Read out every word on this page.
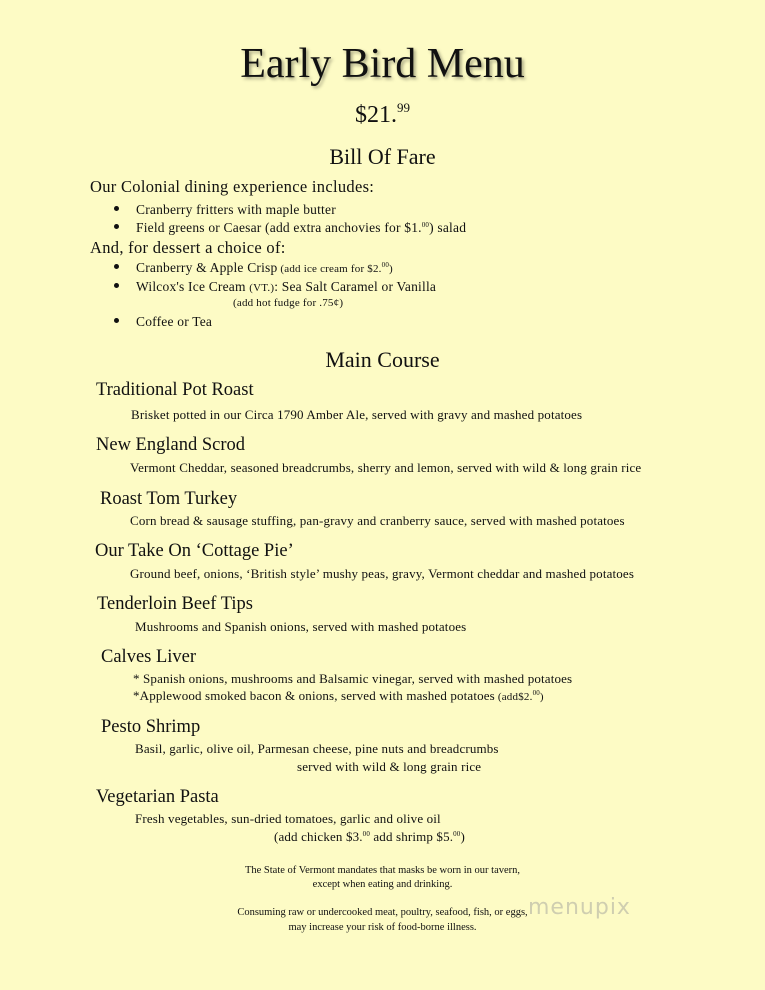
Early Bird Menu
$21.99
Bill Of Fare
Our Colonial dining experience includes:
Cranberry fritters with maple butter
Field greens or Caesar (add extra anchovies for $1.00) salad
And, for dessert a choice of:
Cranberry & Apple Crisp (add ice cream for $2.00)
Wilcox's Ice Cream (VT.): Sea Salt Caramel or Vanilla
(add hot fudge for .75¢)
Coffee or Tea
Main Course
Traditional Pot Roast
Brisket potted in our Circa 1790 Amber Ale, served with gravy and mashed potatoes
New England Scrod
Vermont Cheddar, seasoned breadcrumbs, sherry and lemon, served with wild & long grain rice
Roast Tom Turkey
Corn bread & sausage stuffing, pan-gravy and cranberry sauce, served with mashed potatoes
Our Take On ‘Cottage Pie’
Ground beef, onions, ‘British style’ mushy peas, gravy, Vermont cheddar and mashed potatoes
Tenderloin Beef Tips
Mushrooms and Spanish onions, served with mashed potatoes
Calves Liver
* Spanish onions, mushrooms and Balsamic vinegar, served with mashed potatoes
*Applewood smoked bacon & onions, served with mashed potatoes (add$2.00)
Pesto Shrimp
Basil, garlic, olive oil, Parmesan cheese, pine nuts and breadcrumbs
served with wild & long grain rice
Vegetarian Pasta
Fresh vegetables, sun-dried tomatoes, garlic and olive oil
(add chicken $3.00 add shrimp $5.00)
The State of Vermont mandates that masks be worn in our tavern,
except when eating and drinking.
Consuming raw or undercooked meat, poultry, seafood, fish, or eggs,
may increase your risk of food-borne illness.
menupix
